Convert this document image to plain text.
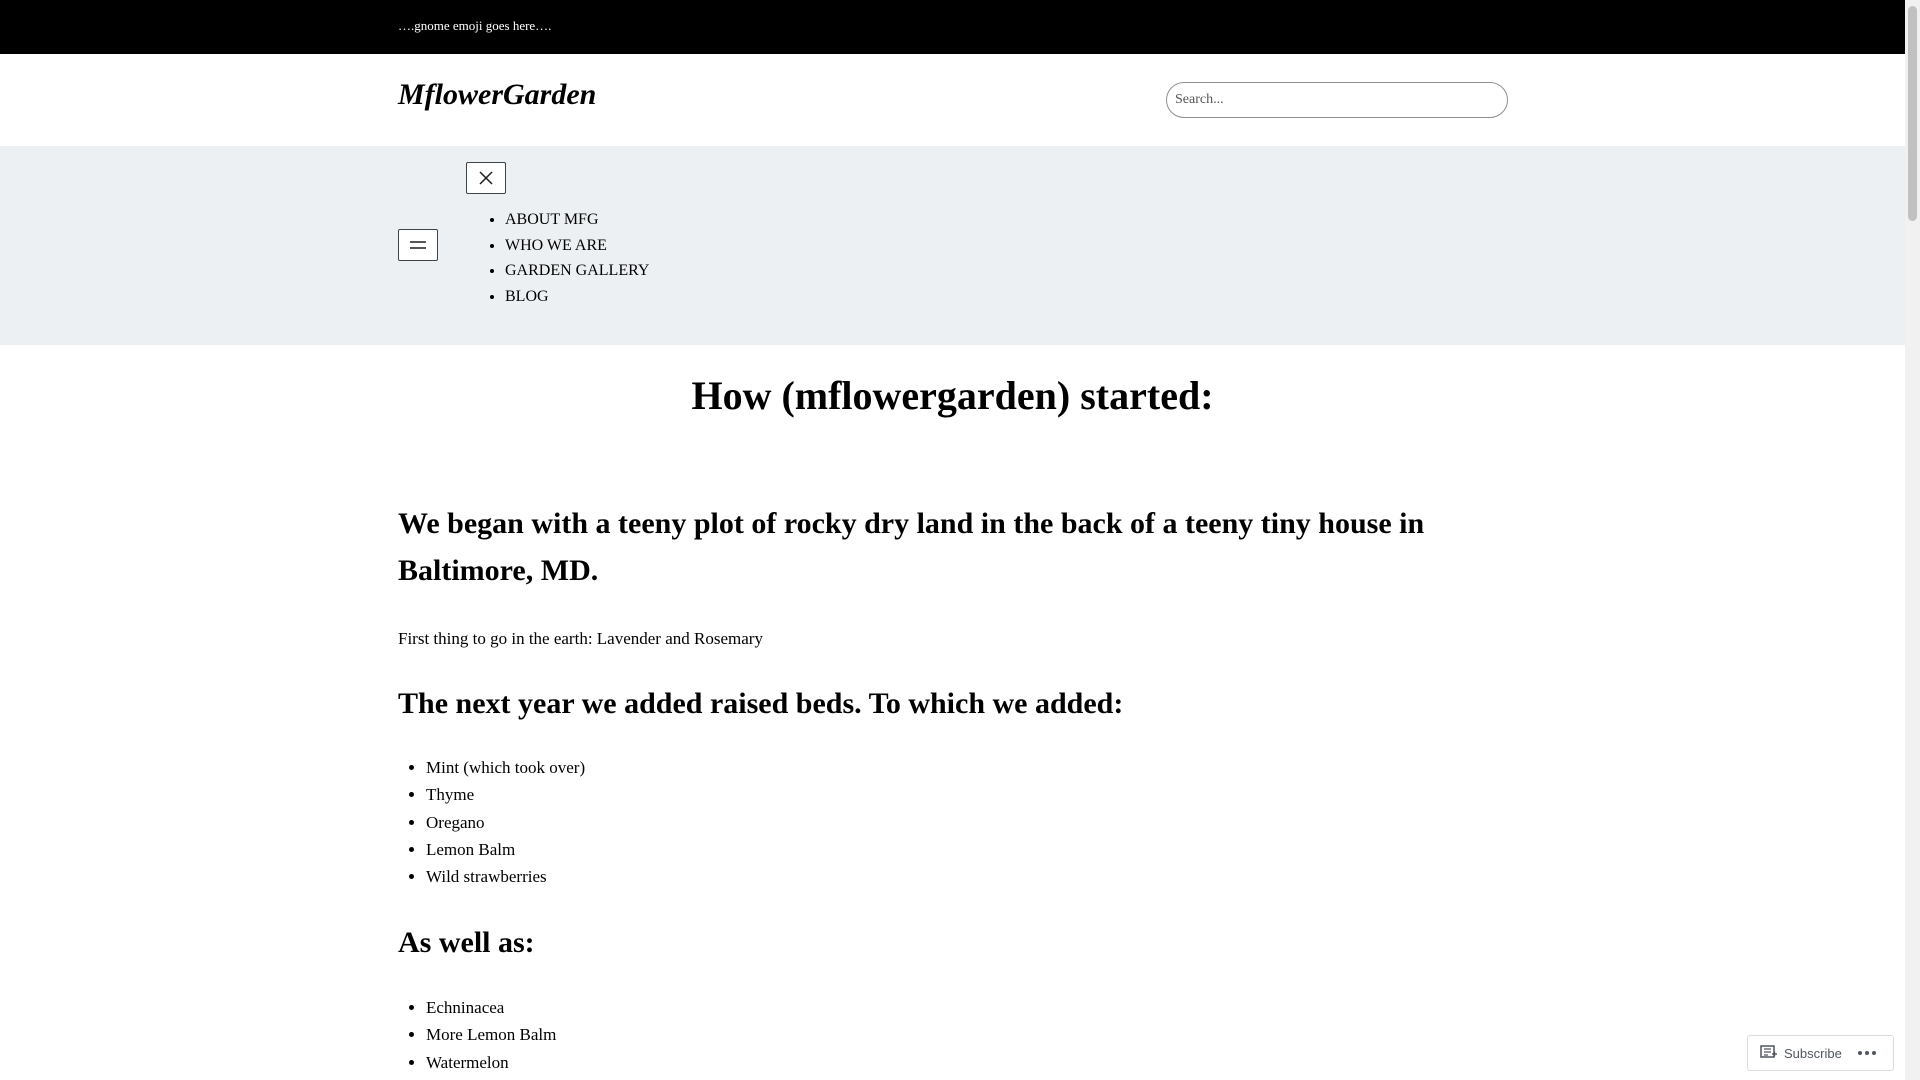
….gnome emoji goes here….
MflowerGarden
Search...
• ABOUT MFG
• WHO WE ARE
• GARDEN GALLERY
• BLOG
How (mflowergarden) started:
We began with a teeny plot of rocky dry land in the back of a teeny tiny house in Baltimore, MD.

First thing to go in the earth: Lavender and Rosemary

The next year we added raised beds. To which we added:
• Mint (which took over)
• Thyme
• Oregano
• Lemon Balm
• Wild strawberries
As well as:
• Echninacea
• More Lemon Balm
• Watermelon	Subscribe
